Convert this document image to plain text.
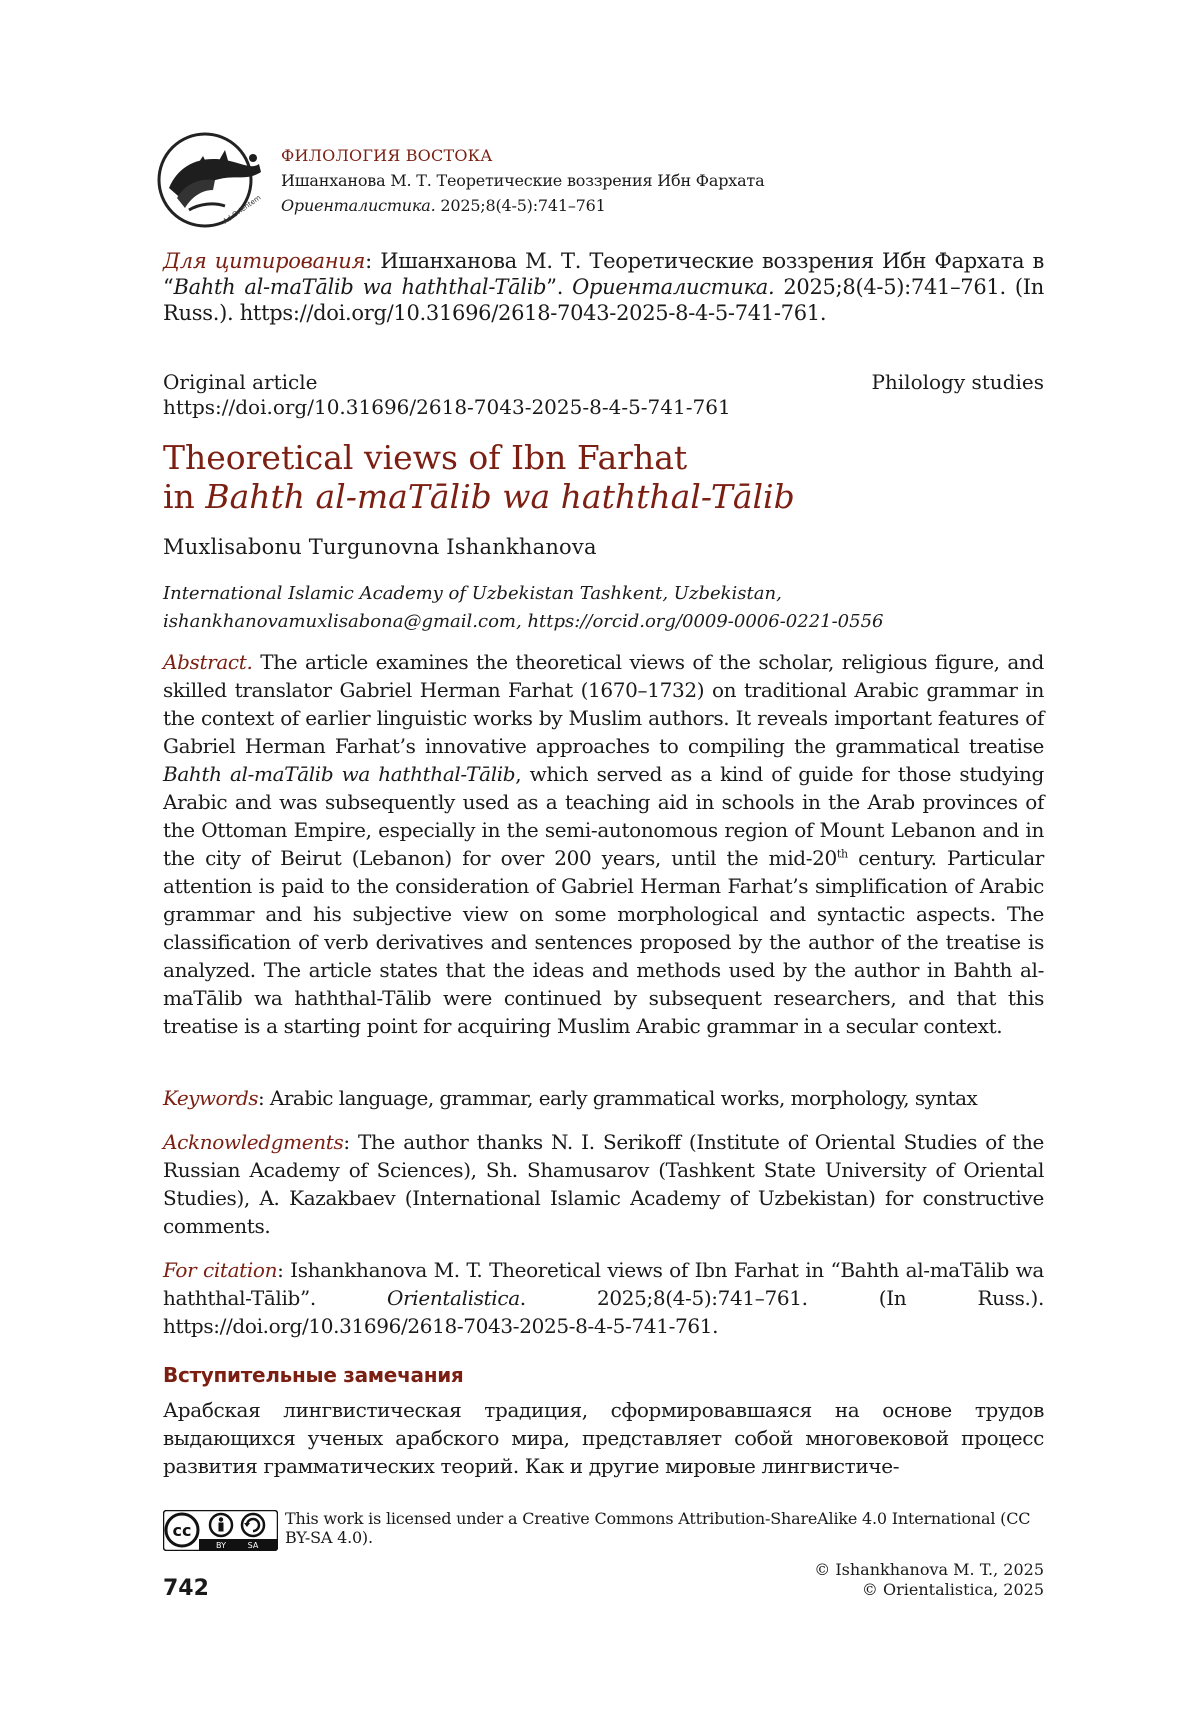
Ad Orientem
ФИЛОЛОГИЯ ВОСТОКА
Ишанханова М. Т. Теоретические воззрения Ибн Фархата
Ориенталистика. 2025;8(4-5):741–761
Для цитирования: Ишанханова М. Т. Теоретические воззрения Ибн Фархата в “Bahth al-maTālib wa haththal-Tālib”. Ориенталистика. 2025;8(4-5):741–761. (In Russ.). https://doi.org/10.31696/2618-7043-2025-8-4-5-741-761.
Original article
https://doi.org/10.31696/2618-7043-2025-8-4-5-741-761
Philology studies
Theoretical views of Ibn Farhat
in Bahth al-maTālib wa haththal-Tālib
Muxlisabonu Turgunovna Ishankhanova
International Islamic Academy of Uzbekistan Tashkent, Uzbekistan,
ishankhanovamuxlisabona@gmail.com, https://orcid.org/0009-0006-0221-0556
Abstract. The article examines the theoretical views of the scholar, religious figure, and skilled translator Gabriel Herman Farhat (1670–1732) on traditional Arabic grammar in the context of earlier linguistic works by Muslim authors. It reveals important features of Gabriel Herman Farhat’s innovative approaches to compiling the grammatical treatise Bahth al-maTālib wa haththal-Tālib, which served as a kind of guide for those studying Arabic and was subsequently used as a teaching aid in schools in the Arab provinces of the Ottoman Empire, especially in the semi-autonomous region of Mount Lebanon and in the city of Beirut (Lebanon) for over 200 years, until the mid-20th century. Particular attention is paid to the consideration of Gabriel Herman Farhat’s simplification of Arabic grammar and his subjective view on some morphological and syntactic aspects. The classification of verb derivatives and sentences proposed by the author of the treatise is analyzed. The article states that the ideas and methods used by the author in Bahth al-maTālib wa haththal-Tālib were continued by subsequent researchers, and that this treatise is a starting point for acquiring Muslim Arabic grammar in a secular context.
Keywords: Arabic language, grammar, early grammatical works, morphology, syntax
Acknowledgments: The author thanks N. I. Serikoff (Institute of Oriental Studies of the Russian Academy of Sciences), Sh. Shamusarov (Tashkent State University of Oriental Studies), A. Kazakbaev (International Islamic Academy of Uzbekistan) for constructive comments.
For citation: Ishankhanova M. T. Theoretical views of Ibn Farhat in “Bahth al-maTālib wa haththal-Tālib”. Orientalistica. 2025;8(4-5):741–761. (In Russ.). https://doi.org/10.31696/2618-7043-2025-8-4-5-741-761.
Вступительные замечания
Арабская лингвистическая традиция, сформировавшаяся на основе трудов выдающихся ученых арабского мира, представляет собой многовековой процесс развития грамматических теорий. Как и другие мировые лингвистиче-
cc
BY	SA
This work is licensed under a Creative Commons Attribution-ShareAlike 4.0 International (CC BY-SA 4.0).
742
© Ishankhanova M. T., 2025
© Orientalistica, 2025
